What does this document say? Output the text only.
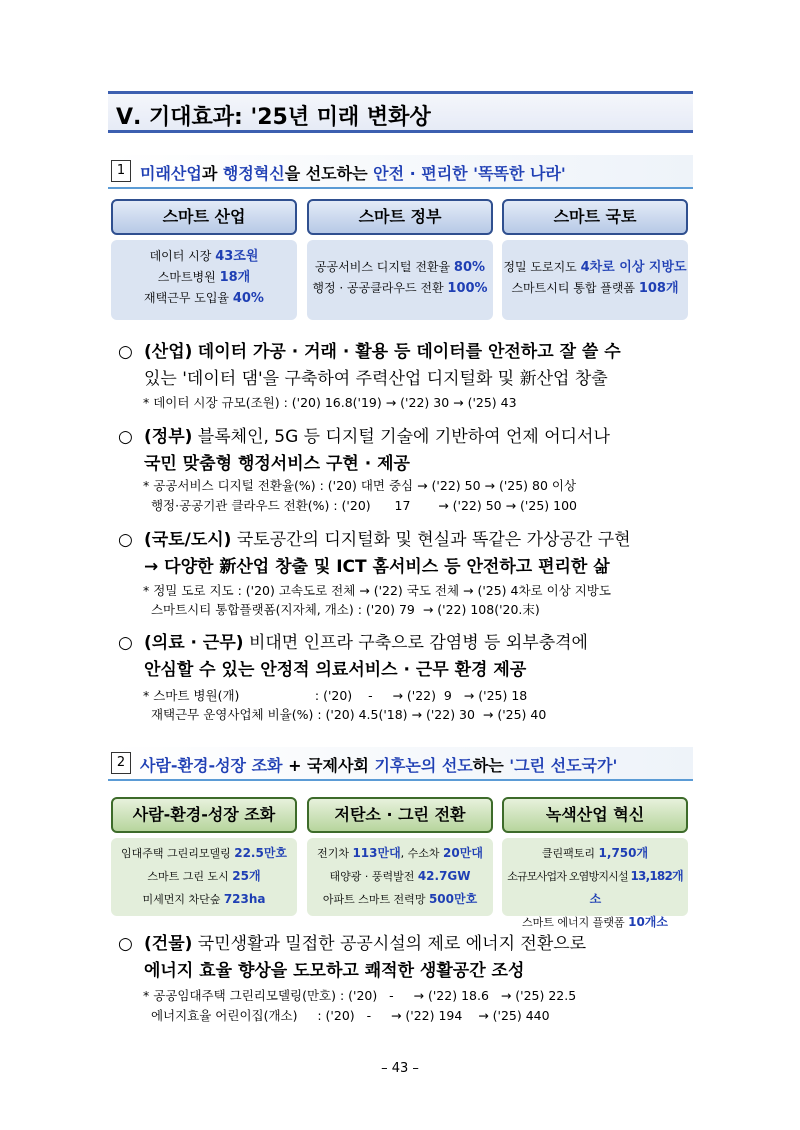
Ⅴ. 기대효과: '25년 미래 변화상
1 미래산업과 행정혁신을 선도하는 안전 · 편리한 '똑똑한 나라'
스마트 산업	스마트 정부	스마트 국토
데이터 시장 43조원
스마트병원 18개
재택근무 도입율 40%
공공서비스 디지털 전환율 80%
행정 · 공공클라우드 전환 100%
정밀 도로지도 4차로 이상 지방도
스마트시티 통합 플랫폼 108개
○ (산업) 데이터 가공 · 거래 · 활용 등 데이터를 안전하고 잘 쓸 수
있는 '데이터 댐'을 구축하여 주력산업 디지털화 및 新산업 창출
* 데이터 시장 규모(조원) : ('20) 16.8('19) → ('22) 30 → ('25) 43
○ (정부) 블록체인, 5G 등 디지털 기술에 기반하여 언제 어디서나
국민 맞춤형 행정서비스 구현 · 제공
* 공공서비스 디지털 전환율(%) : ('20) 대면 중심 → ('22) 50 → ('25) 80 이상
행정·공공기관 클라우드 전환(%) : ('20)      17       → ('22) 50 → ('25) 100
○ (국토/도시) 국토공간의 디지털화 및 현실과 똑같은 가상공간 구현
→ 다양한 新산업 창출 및 ICT 홈서비스 등 안전하고 편리한 삶
* 정밀 도로 지도 : ('20) 고속도로 전체 → ('22) 국도 전체 → ('25) 4차로 이상 지방도
스마트시티 통합플랫폼(지자체, 개소) : ('20) 79  → ('22) 108('20.末)
○ (의료 · 근무) 비대면 인프라 구축으로 감염병 등 외부충격에
안심할 수 있는 안정적 의료서비스 · 근무 환경 제공
* 스마트 병원(개)                   : ('20)    -     → ('22)  9   → ('25) 18
재택근무 운영사업체 비율(%) : ('20) 4.5('18) → ('22) 30  → ('25) 40
2 사람-환경-성장 조화 + 국제사회 기후논의 선도하는 '그린 선도국가'
사람-환경-성장 조화	저탄소 · 그린 전환	녹색산업 혁신
임대주택 그린리모델링 22.5만호
스마트 그린 도시 25개
미세먼지 차단숲 723ha
전기차 113만대, 수소차 20만대
태양광 · 풍력발전 42.7GW
아파트 스마트 전력망 500만호
클린팩토리 1,750개
소규모사업자 오염방지시설 13,182개소
스마트 에너지 플랫폼 10개소
○ (건물) 국민생활과 밀접한 공공시설의 제로 에너지 전환으로
에너지 효율 향상을 도모하고 쾌적한 생활공간 조성
* 공공임대주택 그린리모델링(만호) : ('20)   -     → ('22) 18.6   → ('25) 22.5
에너지효율 어린이집(개소)     : ('20)   -     → ('22) 194    → ('25) 440
– 43 –
